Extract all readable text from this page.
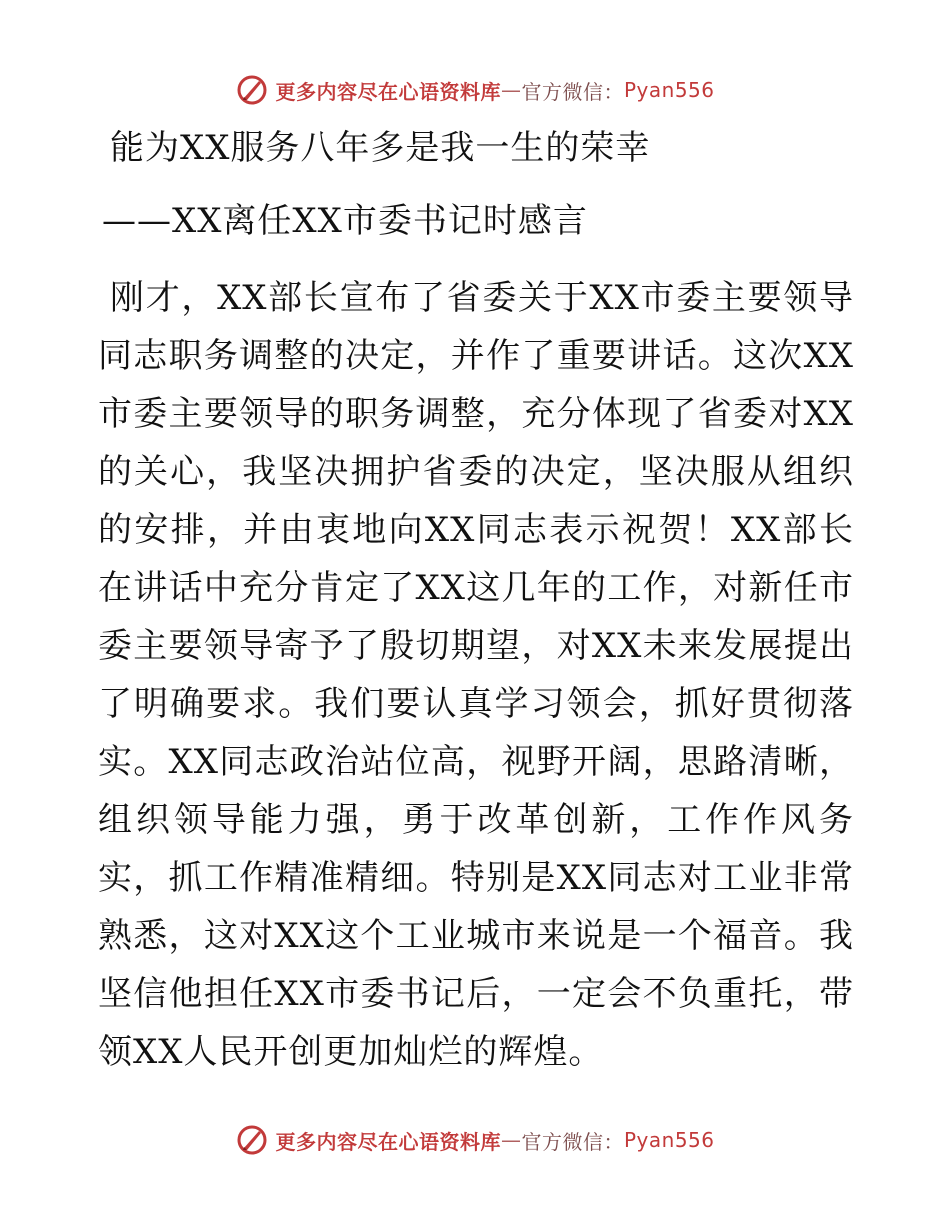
更多内容尽在心语资料库 — 官方微信： Pyan556
能为XX服务八年多是我一生的荣幸
——XX离任XX市委书记时感言

刚才，XX部长宣布了省委关于XX市委主要领导同志职务调整的决定，并作了重要讲话。这次XX市委主要领导的职务调整，充分体现了省委对XX的关心，我坚决拥护省委的决定，坚决服从组织的安排，并由衷地向XX同志表示祝贺！XX部长在讲话中充分肯定了XX这几年的工作，对新任市委主要领导寄予了殷切期望，对XX未来发展提出了明确要求。我们要认真学习领会，抓好贯彻落实。XX同志政治站位高，视野开阔，思路清晰，组织领导能力强，勇于改革创新，工作作风务实，抓工作精准精细。特别是XX同志对工业非常熟悉，这对XX这个工业城市来说是一个福音。我坚信他担任XX市委书记后，一定会不负重托，带领XX人民开创更加灿烂的辉煌。

更多内容尽在心语资料库 — 官方微信： Pyan556
